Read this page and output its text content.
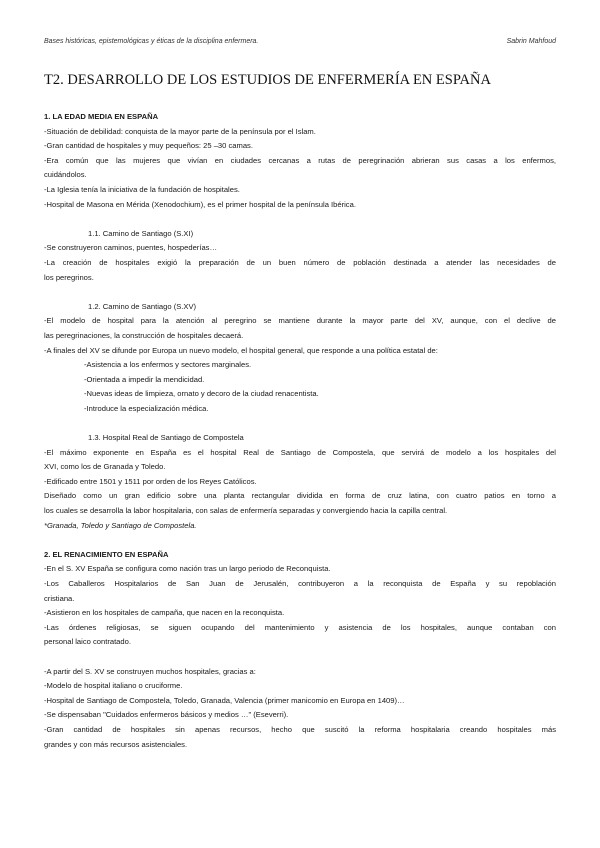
Bases históricas, epistemológicas y éticas de la disciplina enfermera.	Sabrin Mahfoud
T2. DESARROLLO DE LOS ESTUDIOS DE ENFERMERÍA EN ESPAÑA
1. LA EDAD MEDIA EN ESPAÑA
-Situación de debilidad: conquista de la mayor parte de la península por el Islam.
-Gran cantidad de hospitales y muy pequeños: 25 –30 camas.
-Era común que las mujeres que vivían en ciudades cercanas a rutas de peregrinación abrieran sus casas a los enfermos,
cuidándolos.
-La Iglesia tenía la iniciativa de la fundación de hospitales.
-Hospital de Masona en Mérida (Xenodochium), es el primer hospital de la península Ibérica.
1.1. Camino de Santiago (S.XI)
-Se construyeron caminos, puentes, hospederías…
-La creación de hospitales exigió la preparación de un buen número de población destinada a atender las necesidades de
los peregrinos.
1.2. Camino de Santiago (S.XV)
-El modelo de hospital para la atención al peregrino se mantiene durante la mayor parte del XV, aunque, con el declive de
las peregrinaciones, la construcción de hospitales decaerá.
-A finales del XV se difunde por Europa un nuevo modelo, el hospital general, que responde a una política estatal de:
-Asistencia a los enfermos y sectores marginales.
-Orientada a impedir la mendicidad.
-Nuevas ideas de limpieza, ornato y decoro de la ciudad renacentista.
-Introduce la especialización médica.
1.3. Hospital Real de Santiago de Compostela
-El máximo exponente en España es el hospital Real de Santiago de Compostela, que servirá de modelo a los hospitales del
XVI, como los de Granada y Toledo.
-Edificado entre 1501 y 1511 por orden de los Reyes Católicos.
Diseñado como un gran edificio sobre una planta rectangular dividida en forma de cruz latina, con cuatro patios en torno a
los cuales se desarrolla la labor hospitalaria, con salas de enfermería separadas y convergiendo hacia la capilla central.
*Granada, Toledo y Santiago de Compostela.
2. EL RENACIMIENTO EN ESPAÑA
-En el S. XV España se configura como nación tras un largo periodo de Reconquista.
-Los Caballeros Hospitalarios de San Juan de Jerusalén, contribuyeron a la reconquista de España y su repoblación
cristiana.
-Asistieron en los hospitales de campaña, que nacen en la reconquista.
-Las órdenes religiosas, se siguen ocupando del mantenimiento y asistencia de los hospitales, aunque contaban con
personal laico contratado.
-A partir del S. XV se construyen muchos hospitales, gracias a:
-Modelo de hospital italiano o cruciforme.
-Hospital de Santiago de Compostela, Toledo, Granada, Valencia (primer manicomio en Europa en 1409)…
-Se dispensaban "Cuidados enfermeros básicos y medios …" (Eseverri).
-Gran cantidad de hospitales sin apenas recursos, hecho que suscitó la reforma hospitalaria creando hospitales más
grandes y con más recursos asistenciales.
